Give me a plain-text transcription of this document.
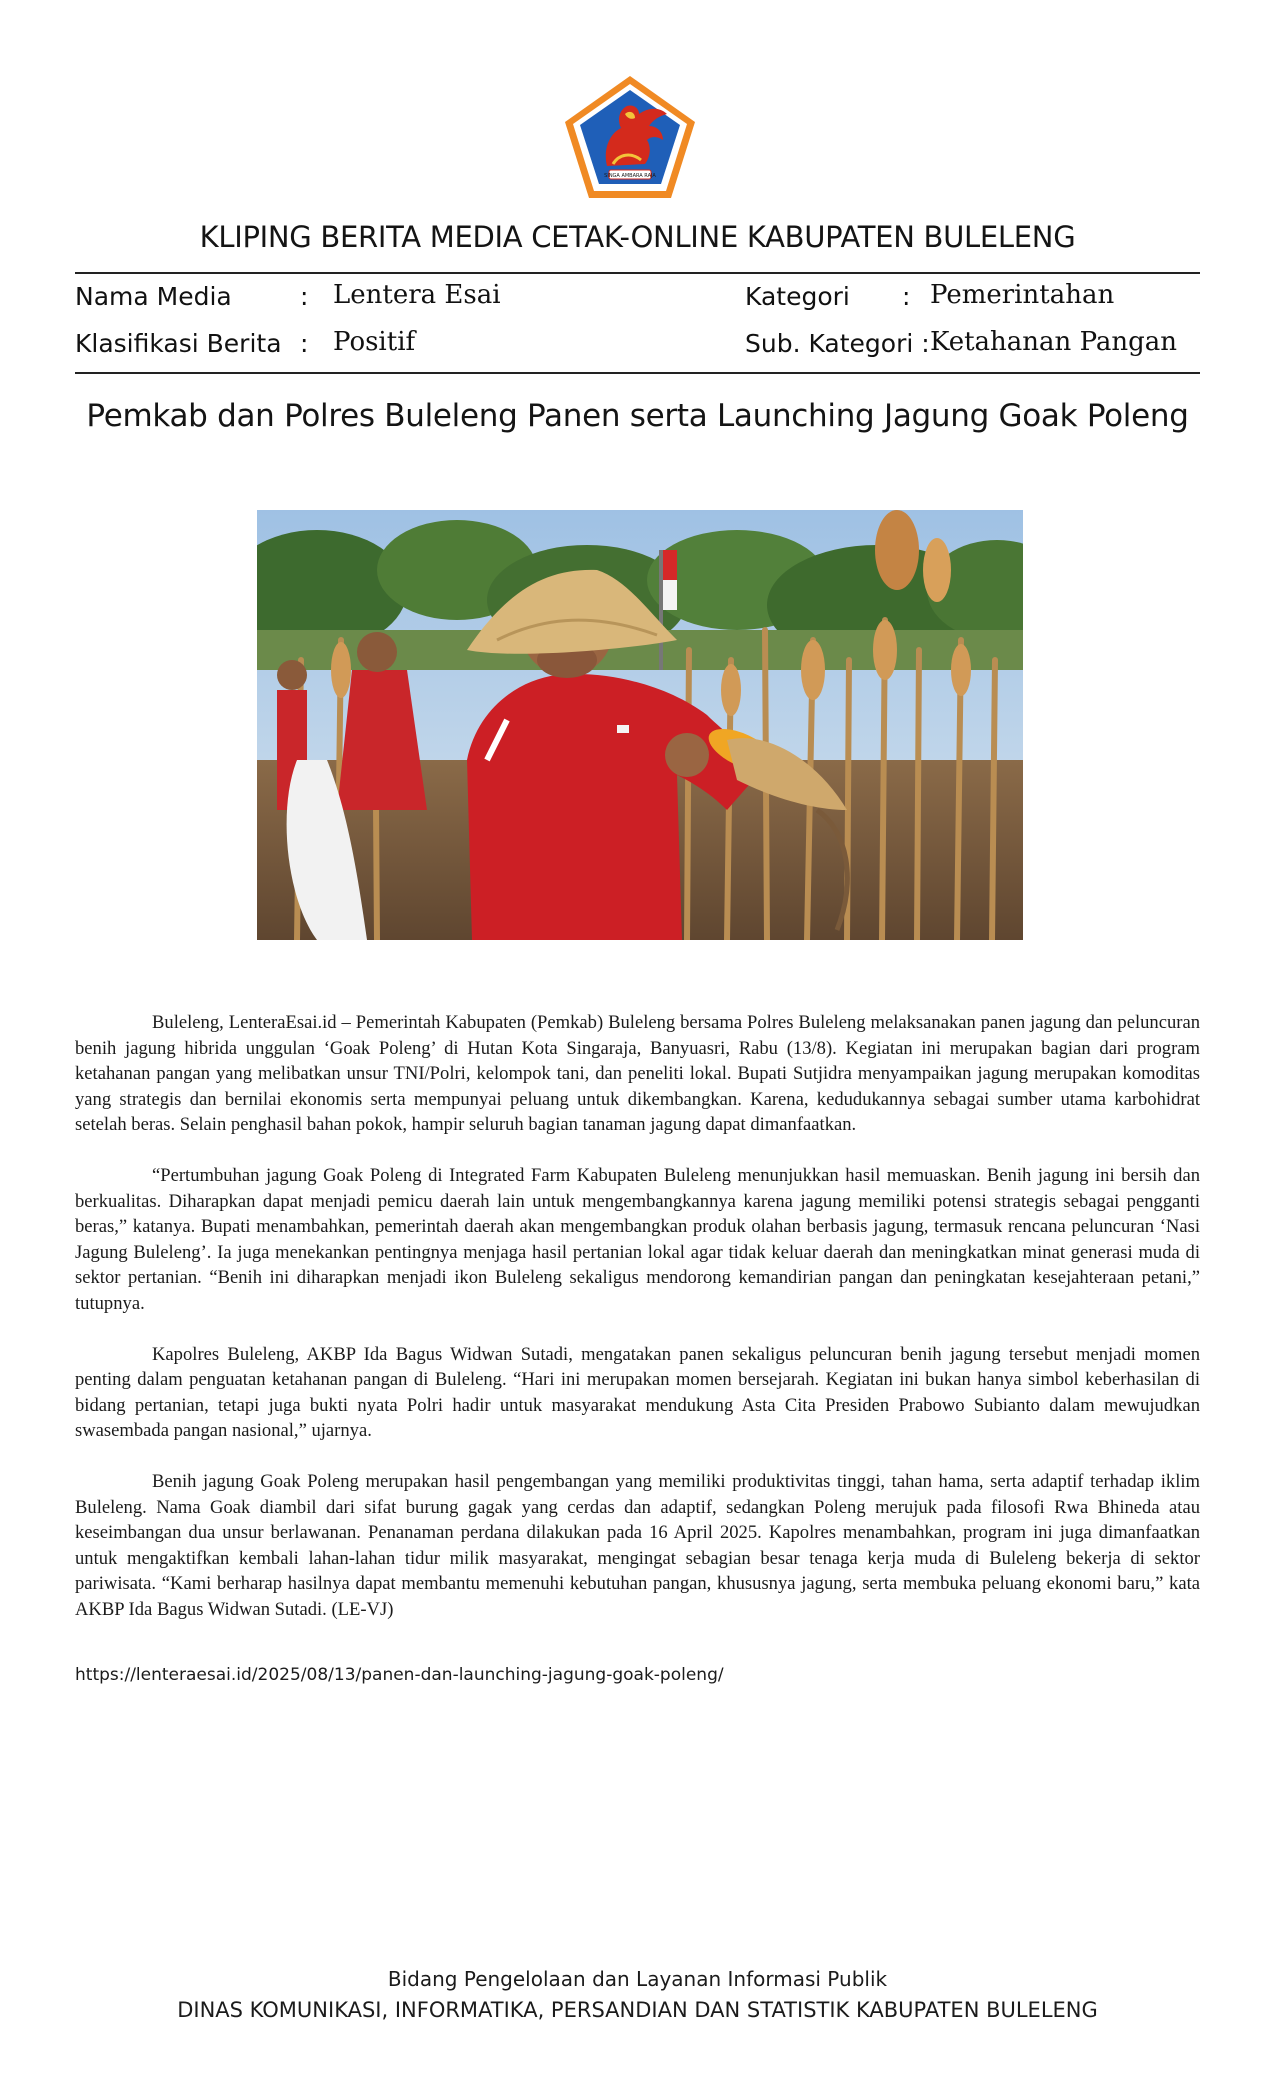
SINGA AMBARA RAJA
KLIPING BERITA MEDIA CETAK-ONLINE KABUPATEN BULELENG
Nama Media	: Lentera Esai	Kategori : Pemerintahan
Klasifikasi Berita : Positif	Sub. Kategori : Ketahanan Pangan
Pemkab dan Polres Buleleng Panen serta Launching Jagung Goak Poleng

Buleleng, LenteraEsai.id – Pemerintah Kabupaten (Pemkab) Buleleng bersama Polres Buleleng melaksanakan panen jagung dan peluncuran benih jagung hibrida unggulan ‘Goak Poleng’ di Hutan Kota Singaraja, Banyuasri, Rabu (13/8). Kegiatan ini merupakan bagian dari program ketahanan pangan yang melibatkan unsur TNI/Polri, kelompok tani, dan peneliti lokal. Bupati Sutjidra menyampaikan jagung merupakan komoditas yang strategis dan bernilai ekonomis serta mempunyai peluang untuk dikembangkan. Karena, kedudukannya sebagai sumber utama karbohidrat setelah beras. Selain penghasil bahan pokok, hampir seluruh bagian tanaman jagung dapat dimanfaatkan.

“Pertumbuhan jagung Goak Poleng di Integrated Farm Kabupaten Buleleng menunjukkan hasil memuaskan. Benih jagung ini bersih dan berkualitas. Diharapkan dapat menjadi pemicu daerah lain untuk mengembangkannya karena jagung memiliki potensi strategis sebagai pengganti beras,” katanya. Bupati menambahkan, pemerintah daerah akan mengembangkan produk olahan berbasis jagung, termasuk rencana peluncuran ‘Nasi Jagung Buleleng’. Ia juga menekankan pentingnya menjaga hasil pertanian lokal agar tidak keluar daerah dan meningkatkan minat generasi muda di sektor pertanian. “Benih ini diharapkan menjadi ikon Buleleng sekaligus mendorong kemandirian pangan dan peningkatan kesejahteraan petani,” tutupnya.

Kapolres Buleleng, AKBP Ida Bagus Widwan Sutadi, mengatakan panen sekaligus peluncuran benih jagung tersebut menjadi momen penting dalam penguatan ketahanan pangan di Buleleng. “Hari ini merupakan momen bersejarah. Kegiatan ini bukan hanya simbol keberhasilan di bidang pertanian, tetapi juga bukti nyata Polri hadir untuk masyarakat mendukung Asta Cita Presiden Prabowo Subianto dalam mewujudkan swasembada pangan nasional,” ujarnya.

Benih jagung Goak Poleng merupakan hasil pengembangan yang memiliki produktivitas tinggi, tahan hama, serta adaptif terhadap iklim Buleleng. Nama Goak diambil dari sifat burung gagak yang cerdas dan adaptif, sedangkan Poleng merujuk pada filosofi Rwa Bhineda atau keseimbangan dua unsur berlawanan. Penanaman perdana dilakukan pada 16 April 2025. Kapolres menambahkan, program ini juga dimanfaatkan untuk mengaktifkan kembali lahan-lahan tidur milik masyarakat, mengingat sebagian besar tenaga kerja muda di Buleleng bekerja di sektor pariwisata. “Kami berharap hasilnya dapat membantu memenuhi kebutuhan pangan, khususnya jagung, serta membuka peluang ekonomi baru,” kata AKBP Ida Bagus Widwan Sutadi. (LE-VJ)

https://lenteraesai.id/2025/08/13/panen-dan-launching-jagung-goak-poleng/
Bidang Pengelolaan dan Layanan Informasi Publik
DINAS KOMUNIKASI, INFORMATIKA, PERSANDIAN DAN STATISTIK KABUPATEN BULELENG
